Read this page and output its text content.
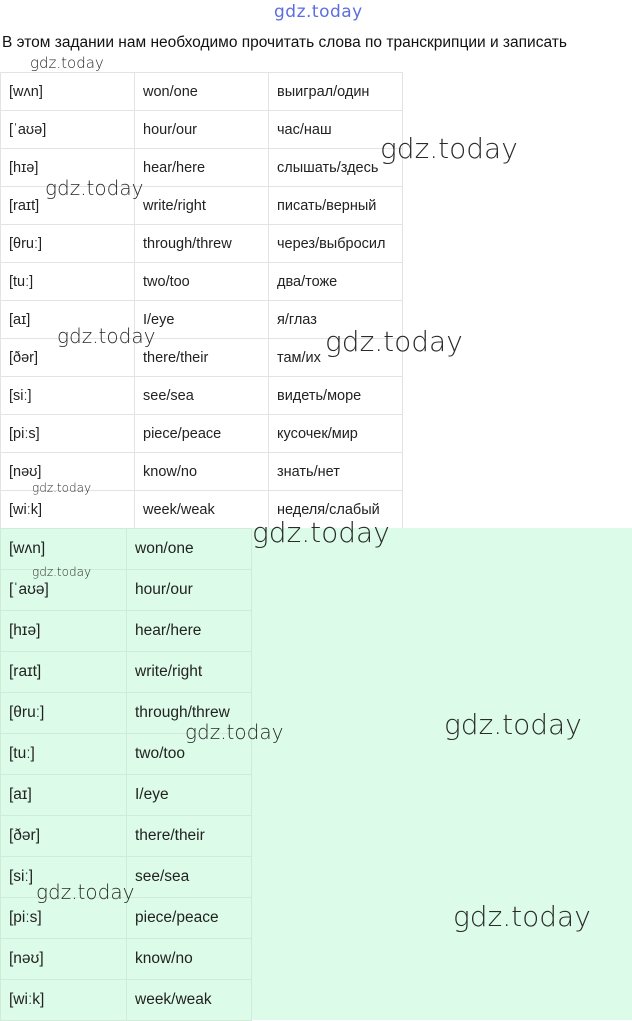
gdz.today
В этом задании нам необходимо прочитать слова по транскрипции и записать
[wʌn]	won/one	выиграл/один
[ˈaʊə]	hour/our	час/наш
[hɪə]	hear/here	слышать/здесь
[raɪt]	write/right	писать/верный
[θruː]	through/threw	через/выбросил
[tuː]	two/too	два/тоже
[aɪ]	I/eye	я/глаз
[ðər]	there/their	там/их
[siː]	see/sea	видеть/море
[piːs]	piece/peace	кусочек/мир
[nəʊ]	know/no	знать/нет
[wiːk]	week/weak	неделя/слабый
[wʌn]	won/one
[ˈaʊə]	hour/our
[hɪə]	hear/here
[raɪt]	write/right
[θruː]	through/threw
[tuː]	two/too
[aɪ]	I/eye
[ðər]	there/their
[siː]	see/sea
[piːs]	piece/peace
[nəʊ]	know/no
[wiːk]	week/weak
gdz.today
gdz.today
gdz.today
gdz.today	gdz.today
gdz.today
gdz.today
gdz.today
gdz.today
gdz.today
gdz.today
gdz.today
